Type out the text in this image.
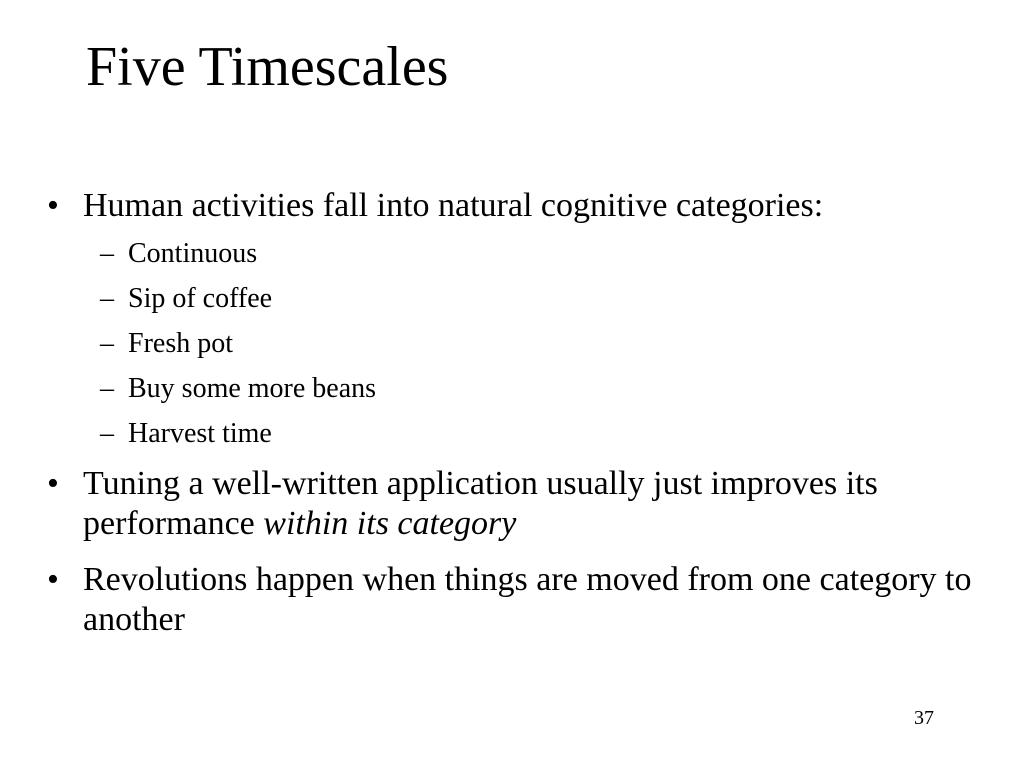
Five Timescales
• Human activities fall into natural cognitive categories:
– Continuous
– Sip of coffee
– Fresh pot
– Buy some more beans
– Harvest time
• Tuning a well-written application usually just improves its performance within its category
• Revolutions happen when things are moved from one category to another
37
